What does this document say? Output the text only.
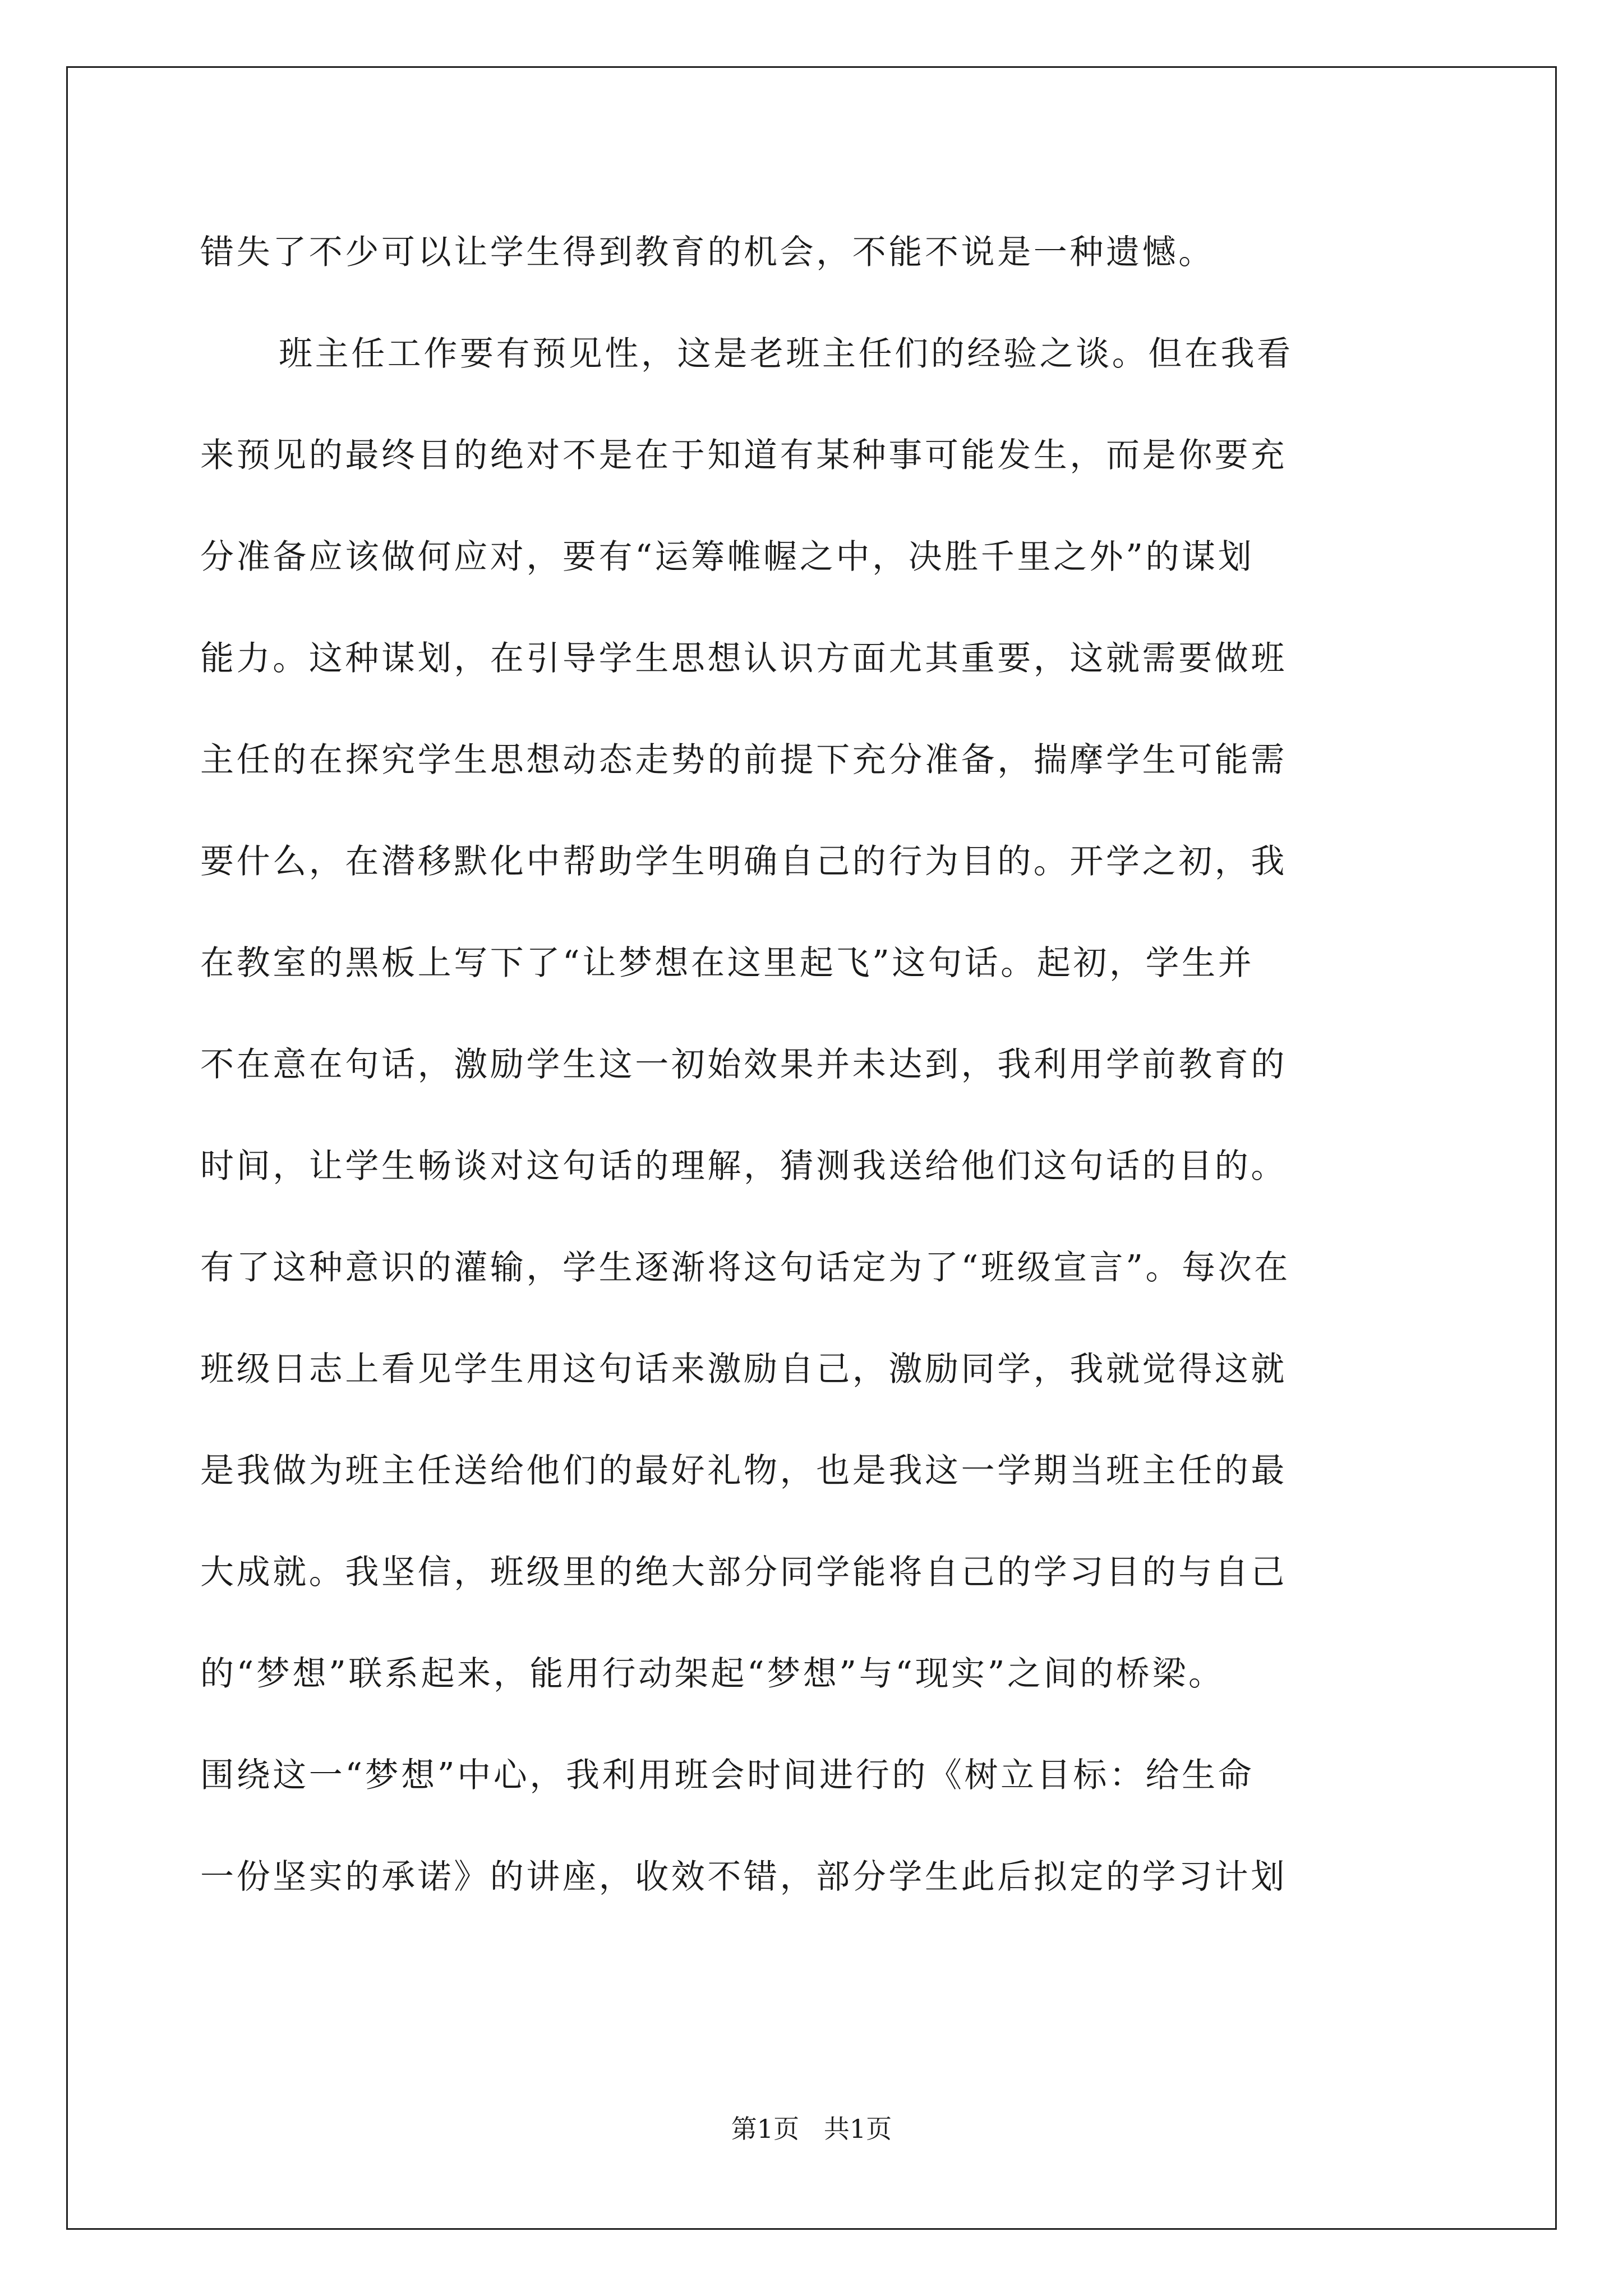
错失了不少可以让学生得到教育的机会，不能不说是一种遗憾。
班主任工作要有预见性，这是老班主任们的经验之谈。但在我看
来预见的最终目的绝对不是在于知道有某种事可能发生，而是你要充
分准备应该做何应对，要有“运筹帷幄之中，决胜千里之外”的谋划
能力。这种谋划，在引导学生思想认识方面尤其重要，这就需要做班
主任的在探究学生思想动态走势的前提下充分准备，揣摩学生可能需
要什么，在潜移默化中帮助学生明确自己的行为目的。开学之初，我
在教室的黑板上写下了“让梦想在这里起飞”这句话。起初，学生并
不在意在句话，激励学生这一初始效果并未达到，我利用学前教育的
时间，让学生畅谈对这句话的理解，猜测我送给他们这句话的目的。
有了这种意识的灌输，学生逐渐将这句话定为了“班级宣言”。每次在
班级日志上看见学生用这句话来激励自己，激励同学，我就觉得这就
是我做为班主任送给他们的最好礼物，也是我这一学期当班主任的最
大成就。我坚信，班级里的绝大部分同学能将自己的学习目的与自己
的“梦想”联系起来，能用行动架起“梦想”与“现实”之间的桥梁。
围绕这一“梦想”中心，我利用班会时间进行的《树立目标：给生命
一份坚实的承诺》的讲座，收效不错，部分学生此后拟定的学习计划
第1页   共1页
